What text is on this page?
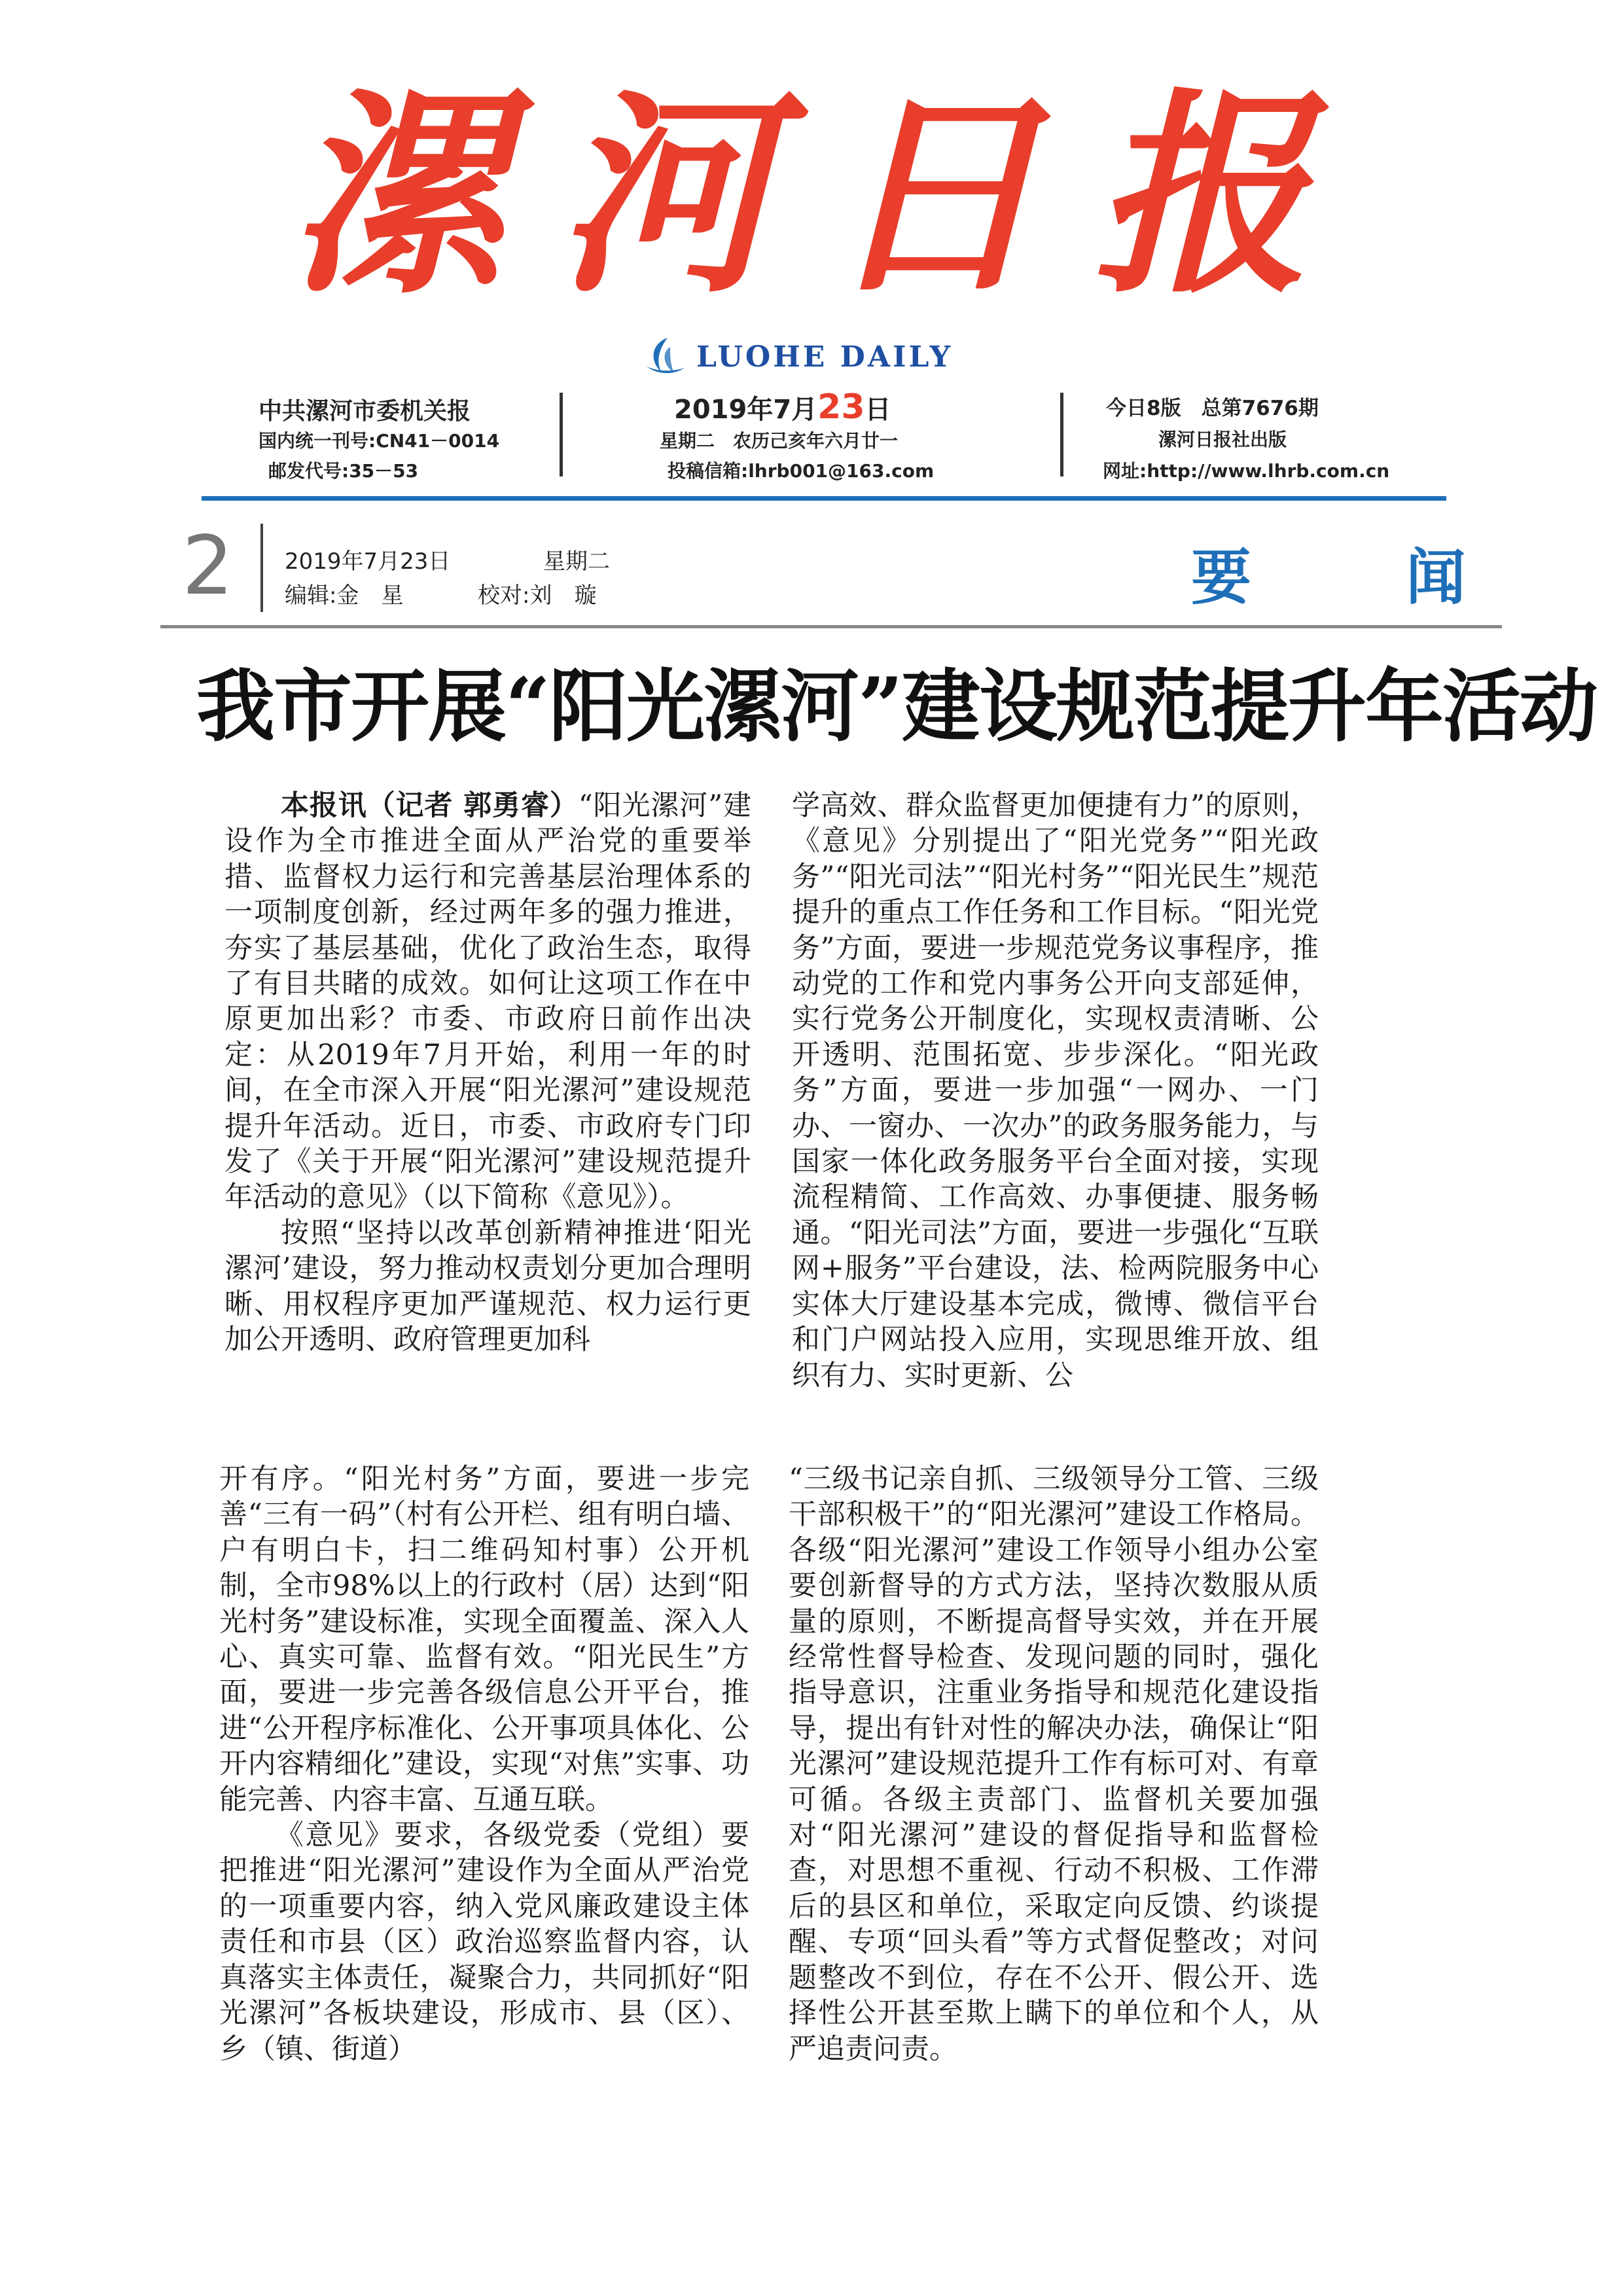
漯河日报
LUOHE DAILY
中共漯河市委机关报
国内统一刊号:CN41－0014
邮发代号:35－53
2019年7月23日
星期二　农历己亥年六月廿一
投稿信箱:lhrb001@163.com
今日8版　总第7676期
漯河日报社出版
网址:http://www.lhrb.com.cn
2	2019年7月23日	星期二
编辑:金　星	校对:刘　璇	要	闻
我市开展“阳光漯河”建设规范提升年活动

本报讯（记者 郭勇睿）“阳光漯河”建设作为全市推进全面从严治党的重要举措、监督权力运行和完善基层治理体系的一项制度创新，经过两年多的强力推进，夯实了基层基础，优化了政治生态，取得了有目共睹的成效。如何让这项工作在中原更加出彩？市委、市政府日前作出决定：从2019年7月开始，利用一年的时间，在全市深入开展“阳光漯河”建设规范提升年活动。近日，市委、市政府专门印发了《关于开展“阳光漯河”建设规范提升年活动的意见》（以下简称《意见》）。

按照“坚持以改革创新精神推进‘阳光漯河’建设，努力推动权责划分更加合理明晰、用权程序更加严谨规范、权力运行更加公开透明、政府管理更加科

学高效、群众监督更加便捷有力”的原则，《意见》分别提出了“阳光党务”“阳光政务”“阳光司法”“阳光村务”“阳光民生”规范提升的重点工作任务和工作目标。“阳光党务”方面，要进一步规范党务议事程序，推动党的工作和党内事务公开向支部延伸，实行党务公开制度化，实现权责清晰、公开透明、范围拓宽、步步深化。“阳光政务”方面，要进一步加强“一网办、一门办、一窗办、一次办”的政务服务能力，与国家一体化政务服务平台全面对接，实现流程精简、工作高效、办事便捷、服务畅通。“阳光司法”方面，要进一步强化“互联网+服务”平台建设，法、检两院服务中心实体大厅建设基本完成，微博、微信平台和门户网站投入应用，实现思维开放、组织有力、实时更新、公

开有序。“阳光村务”方面，要进一步完善“三有一码”（村有公开栏、组有明白墙、户有明白卡，扫二维码知村事）公开机制，全市98%以上的行政村（居）达到“阳光村务”建设标准，实现全面覆盖、深入人心、真实可靠、监督有效。“阳光民生”方面，要进一步完善各级信息公开平台，推进“公开程序标准化、公开事项具体化、公开内容精细化”建设，实现“对焦”实事、功能完善、内容丰富、互通互联。

《意见》要求，各级党委（党组）要把推进“阳光漯河”建设作为全面从严治党的一项重要内容，纳入党风廉政建设主体责任和市县（区）政治巡察监督内容，认真落实主体责任，凝聚合力，共同抓好“阳光漯河”各板块建设，形成市、县（区）、乡（镇、街道）

“三级书记亲自抓、三级领导分工管、三级干部积极干”的“阳光漯河”建设工作格局。各级“阳光漯河”建设工作领导小组办公室要创新督导的方式方法，坚持次数服从质量的原则，不断提高督导实效，并在开展经常性督导检查、发现问题的同时，强化指导意识，注重业务指导和规范化建设指导，提出有针对性的解决办法，确保让“阳光漯河”建设规范提升工作有标可对、有章可循。各级主责部门、监督机关要加强对“阳光漯河”建设的督促指导和监督检查，对思想不重视、行动不积极、工作滞后的县区和单位，采取定向反馈、约谈提醒、专项“回头看”等方式督促整改；对问题整改不到位，存在不公开、假公开、选择性公开甚至欺上瞒下的单位和个人，从严追责问责。
